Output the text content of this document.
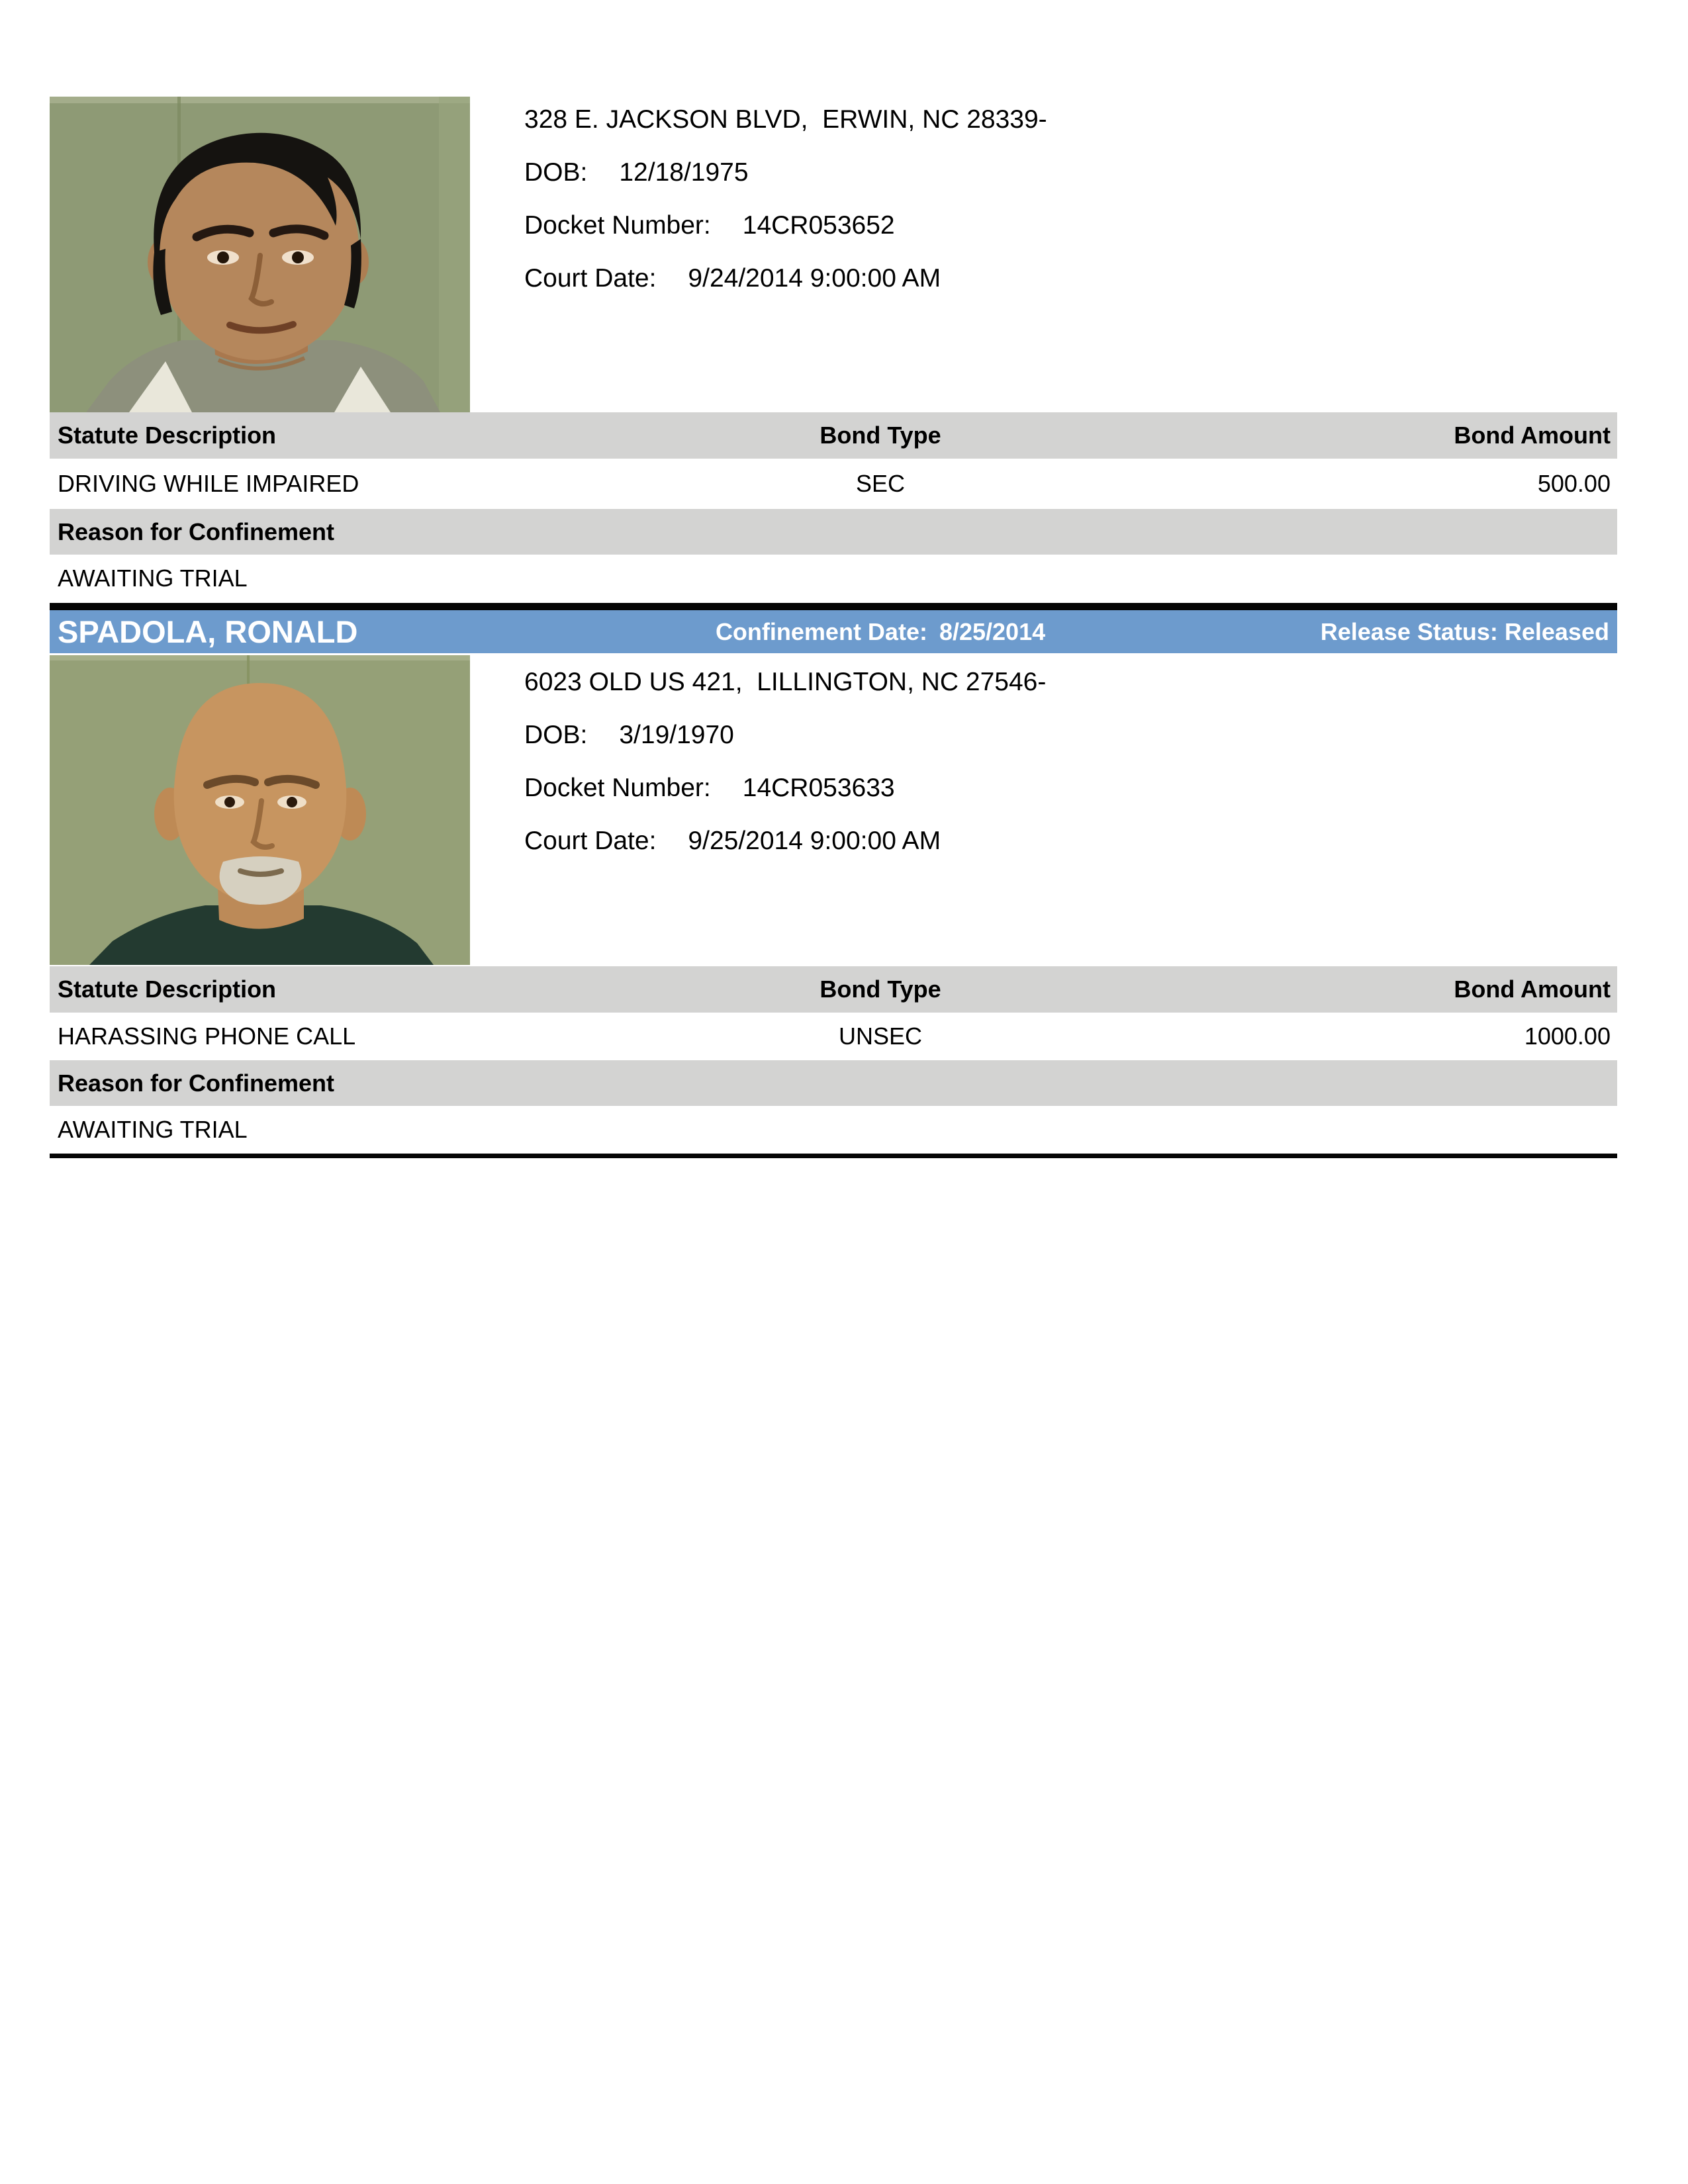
328 E. JACKSON BLVD,  ERWIN, NC 28339-
DOB: 12/18/1975
Docket Number: 14CR053652
Court Date: 9/24/2014 9:00:00 AM
Statute Description	Bond Type	Bond Amount
DRIVING WHILE IMPAIRED	SEC	500.00
Reason for Confinement
AWAITING TRIAL
SPADOLA, RONALD	Confinement Date: 8/25/2014	Release Status: Released
6023 OLD US 421,  LILLINGTON, NC 27546-
DOB: 3/19/1970
Docket Number: 14CR053633
Court Date: 9/25/2014 9:00:00 AM
Statute Description	Bond Type	Bond Amount
HARASSING PHONE CALL	UNSEC	1000.00
Reason for Confinement
AWAITING TRIAL
